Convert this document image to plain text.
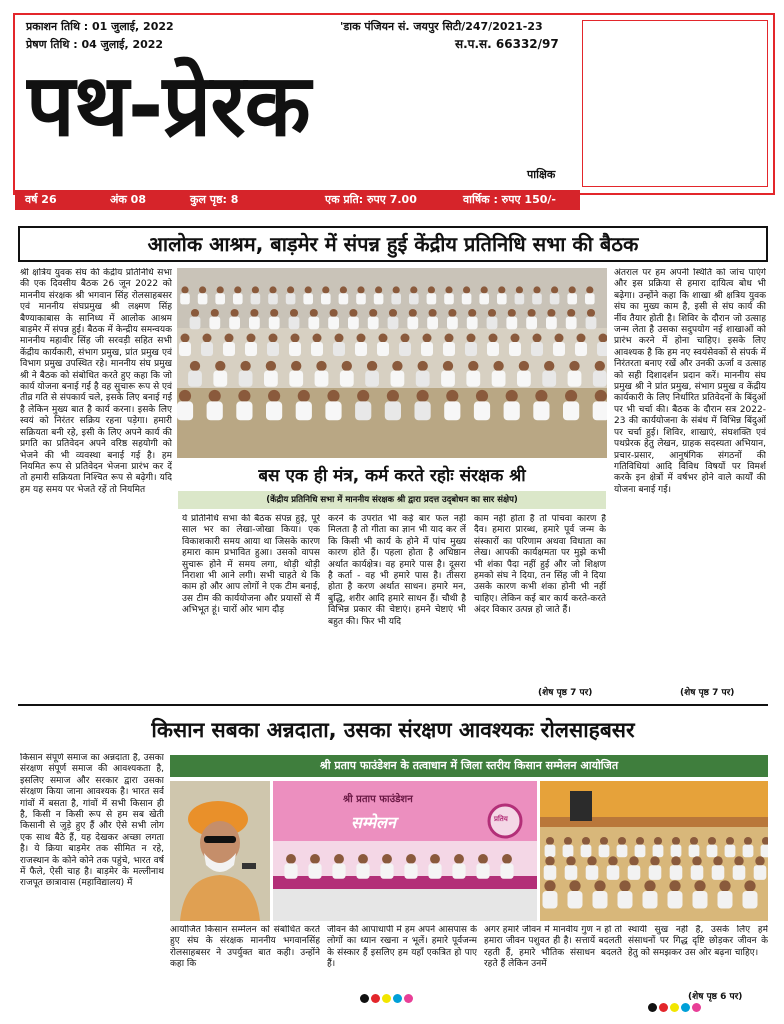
प्रकाशन तिथि : 01 जुलाई, 2022
प्रेषण तिथि : 04 जुलाई, 2022
'डाक पंजियन सं. जयपुर सिटी/247/2021-23
स.प.स. 66332/97
पथ-प्रेरक
पाक्षिक
वर्ष 26	अंक 08	कुल पृष्ठ: 8	एक प्रति: रुपए 7.00	वार्षिक : रुपए 150/-
आलोक आश्रम, बाड़मेर में संपन्न हुई केंद्रीय प्रतिनिधि सभा की बैठक
श्री क्षत्रिय युवक संघ की केंद्रीय प्रतिनिधि सभा की एक दिवसीय बैठक 26 जून 2022 को माननीय संरक्षक श्री भगवान सिंह रोलसाहबसर एवं माननीय संघप्रमुख श्री लक्ष्मण सिंह बैण्याकाबास के सानिध्य में आलोक आश्रम बाड़मेर में संपन्न हुई। बैठक में केन्द्रीय समन्वयक माननीय महावीर सिंह जी सरवड़ी सहित सभी केंद्रीय कार्यकारी, संभाग प्रमुख, प्रांत प्रमुख एवं विभाग प्रमुख उपस्थित रहे। माननीय संघ प्रमुख श्री ने बैठक को संबोधित करते हुए कहा कि जो कार्य योजना बनाई गई है वह सुचारू रूप से एवं तीव्र गति से संपकार्य चले, इसके लिए बनाई गई है लेकिन मुख्य बात है कार्य करना। इसके लिए स्वयं को निरंतर सक्रिय रहना पड़ेगा। हमारी सक्रियता बनी रहे, इसी के लिए अपने कार्य की प्रगति का प्रतिवेदन अपने वरिष्ठ सहयोगी को भेजने की भी व्यवस्था बनाई गई है। हम नियमित रूप से प्रतिवेदन भेजना प्रारंभ कर दें तो हमारी सक्रियता निश्चित रूप से बढ़ेगी। यदि हम यह समय पर भेजते रहें तो नियमित
अंतराल पर हम अपनी स्थिति को जांच पाएंगे और इस प्रक्रिया से हमारा दायित्व बोध भी बढ़ेगा। उन्होंने कहा कि शाखा श्री क्षत्रिय युवक संघ का मुख्य काम है, इसी से संघ कार्य की नींव तैयार होती है। शिविर के दौरान जो उत्साह जन्म लेता है उसका सदुपयोग नई शाखाओं को प्रारंभ करने में होना चाहिए। इसके लिए आवश्यक है कि हम नए स्वयंसेवकों से संपर्क में निरंतरता बनाए रखें और उनकी ऊर्जा व उत्साह को सही दिशादर्शन प्रदान करें। माननीय संघ प्रमुख श्री ने प्रांत प्रमुख, संभाग प्रमुख व केंद्रीय कार्यकारी के लिए निर्धारित प्रतिवेदनों के बिंदुओं पर भी चर्चा की। बैठक के दौरान सत्र 2022-23 की कार्ययोजना के संबंध में विभिन्न बिंदुओं पर चर्चा हुई। शिविर, शाखाएं, संघशक्ति एवं पथप्रेरक हेतु लेखन, ग्राहक सदस्यता अभियान, प्रचार-प्रसार, आनुषंगिक संगठनों की गतिविधियां आदि विविध विषयों पर विमर्श करके इन क्षेत्रों में वर्षभर होने वाले कार्यों की योजना बनाई गई।
(शेष पृष्ठ 7 पर)
बस एक ही मंत्र, कर्म करते रहोः संरक्षक श्री
(केंद्रीय प्रतिनिधि सभा में माननीय संरक्षक श्री द्वारा प्रदत्त उद्‍बोधन का सार संक्षेप)
ये प्रतिनिधि सभा की बैठक संपन्न हुई, पूरे साल भर का लेखा-जोखा किया। एक विकाशकारी समय आया था जिसके कारण हमारा काम प्रभावित हुआ। उसको वापस सुचारू होने में समय लगा, थोड़ी थोड़ी निराशा भी आने लगी। सभी चाहते थे कि काम हो और आप लोगों ने एक टीम बनाई, उस टीम की कार्ययोजना और प्रयासों से मैं अभिभूत हूं। चारों ओर भाग दौड़
करने के उपरांत भी कई बार फल नहीं मिलता है तो गीता का ज्ञान भी याद कर लें कि किसी भी कार्य के होने में पांच मुख्य कारण होते हैं। पहला होता है अधिष्ठान अर्थात कार्यक्षेत्र। वह हमारे पास है। दूसरा है कर्ता - वह भी हमारे पास है। तीसरा होता है करण अर्थात साधन। हमारे मन, बुद्धि, शरीर आदि हमारे साधन हैं। चौथी है विभिन्न प्रकार की चेष्टाएं। हमने चेष्टाएं भी बहुत की। फिर भी यदि
काम नहीं होता है तो पांचवा कारण है दैव। हमारा प्रारब्ध, हमारे पूर्व जन्म के संस्कारों का परिणाम अथवा विधाता का लेख। आपकी कार्यक्षमता पर मुझे कभी भी शंका पैदा नहीं हुई और जो शिक्षण हमको संघ ने दिया, तन सिंह जी ने दिया उसके कारण कभी शंका होनी भी नहीं चाहिए। लेकिन कई बार कार्य करते-करते अंदर विकार उत्पन्न हो जाते हैं।
(शेष पृष्ठ 7 पर)
किसान सबका अन्नदाता, उसका संरक्षण आवश्यकः रोलसाहबसर
किसान संपूर्ण समाज का अन्नदाता है, उसका संरक्षण संपूर्ण समाज की आवश्यकता है, इसलिए समाज और सरकार द्वारा उसका संरक्षण किया जाना आवश्यक है। भारत सर्व गांवों में बसता है, गांवों में सभी किसान ही है, किसी न किसी रूप से हम सब खेती किसानी से जुड़े हुए हैं और ऐसे सभी लोग एक साथ बैठे हैं, यह देखकर अच्छा लगता है। ये क्रिया बाड़मेर तक सीमित न रहे, राजस्थान के कोने कोने तक पहुंचे, भारत वर्ष में फैले, ऐसी चाह है। बाड़मेर के मल्लीनाथ राजपूत छात्रावास (महाविद्यालय) में
श्री प्रताप फाउंडेशन के तत्वाधान में जिला स्तरीय किसान सम्मेलन आयोजित
श्री प्रताप फाउंडेशन
सम्मेलन	प्रतिय
आयोजित किसान सम्मेलन को संबोधित करते हुए संघ के संरक्षक माननीय भगवानसिंह रोलसाहबसर ने उपर्युक्त बात कही। उन्होंने कहा कि
जीवन की आपाधापी में हम अपने आसपास के लोगों का ध्यान रखना न भूलें। हमारे पूर्वजन्म के संस्कार हैं इसलिए हम यहाँ एकत्रित हो पाए हैं।
अगर हमारे जीवन में मानवीय गुण न हों तो हमारा जीवन पशुवत ही है। सत्तायें बदलती रहती हैं, हमारे भौतिक संसाधन बदलते रहते हैं लेकिन उनमें
स्थायी सुख नहीं है, उसके लिए हमें संसाधनों पर गिद्ध दृष्टि छोड़कर जीवन के हेतु को समझकर उस ओर बढ़ना चाहिए।
(शेष पृष्ठ 6 पर)
